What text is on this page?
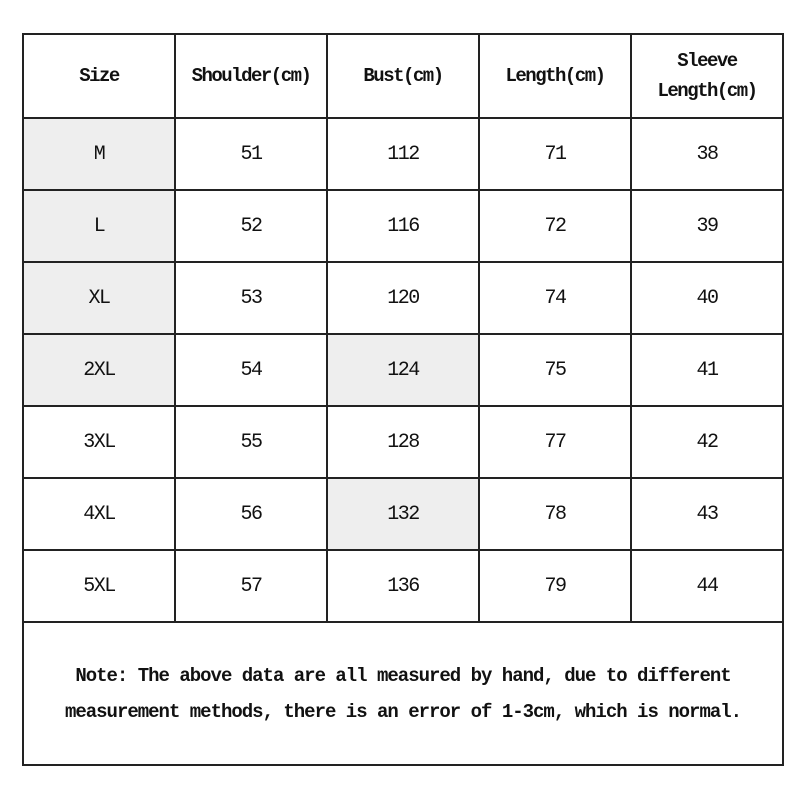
Size	Shoulder(cm)	Bust(cm)	Length(cm)	Sleeve
Length(cm)
M	51	112	71	38
L	52	116	72	39
XL	53	120	74	40
2XL	54	124	75	41
3XL	55	128	77	42
4XL	56	132	78	43
5XL	57	136	79	44
Note: The above data are all measured by hand, due to different
measurement methods, there is an error of 1-3cm, which is normal.				
